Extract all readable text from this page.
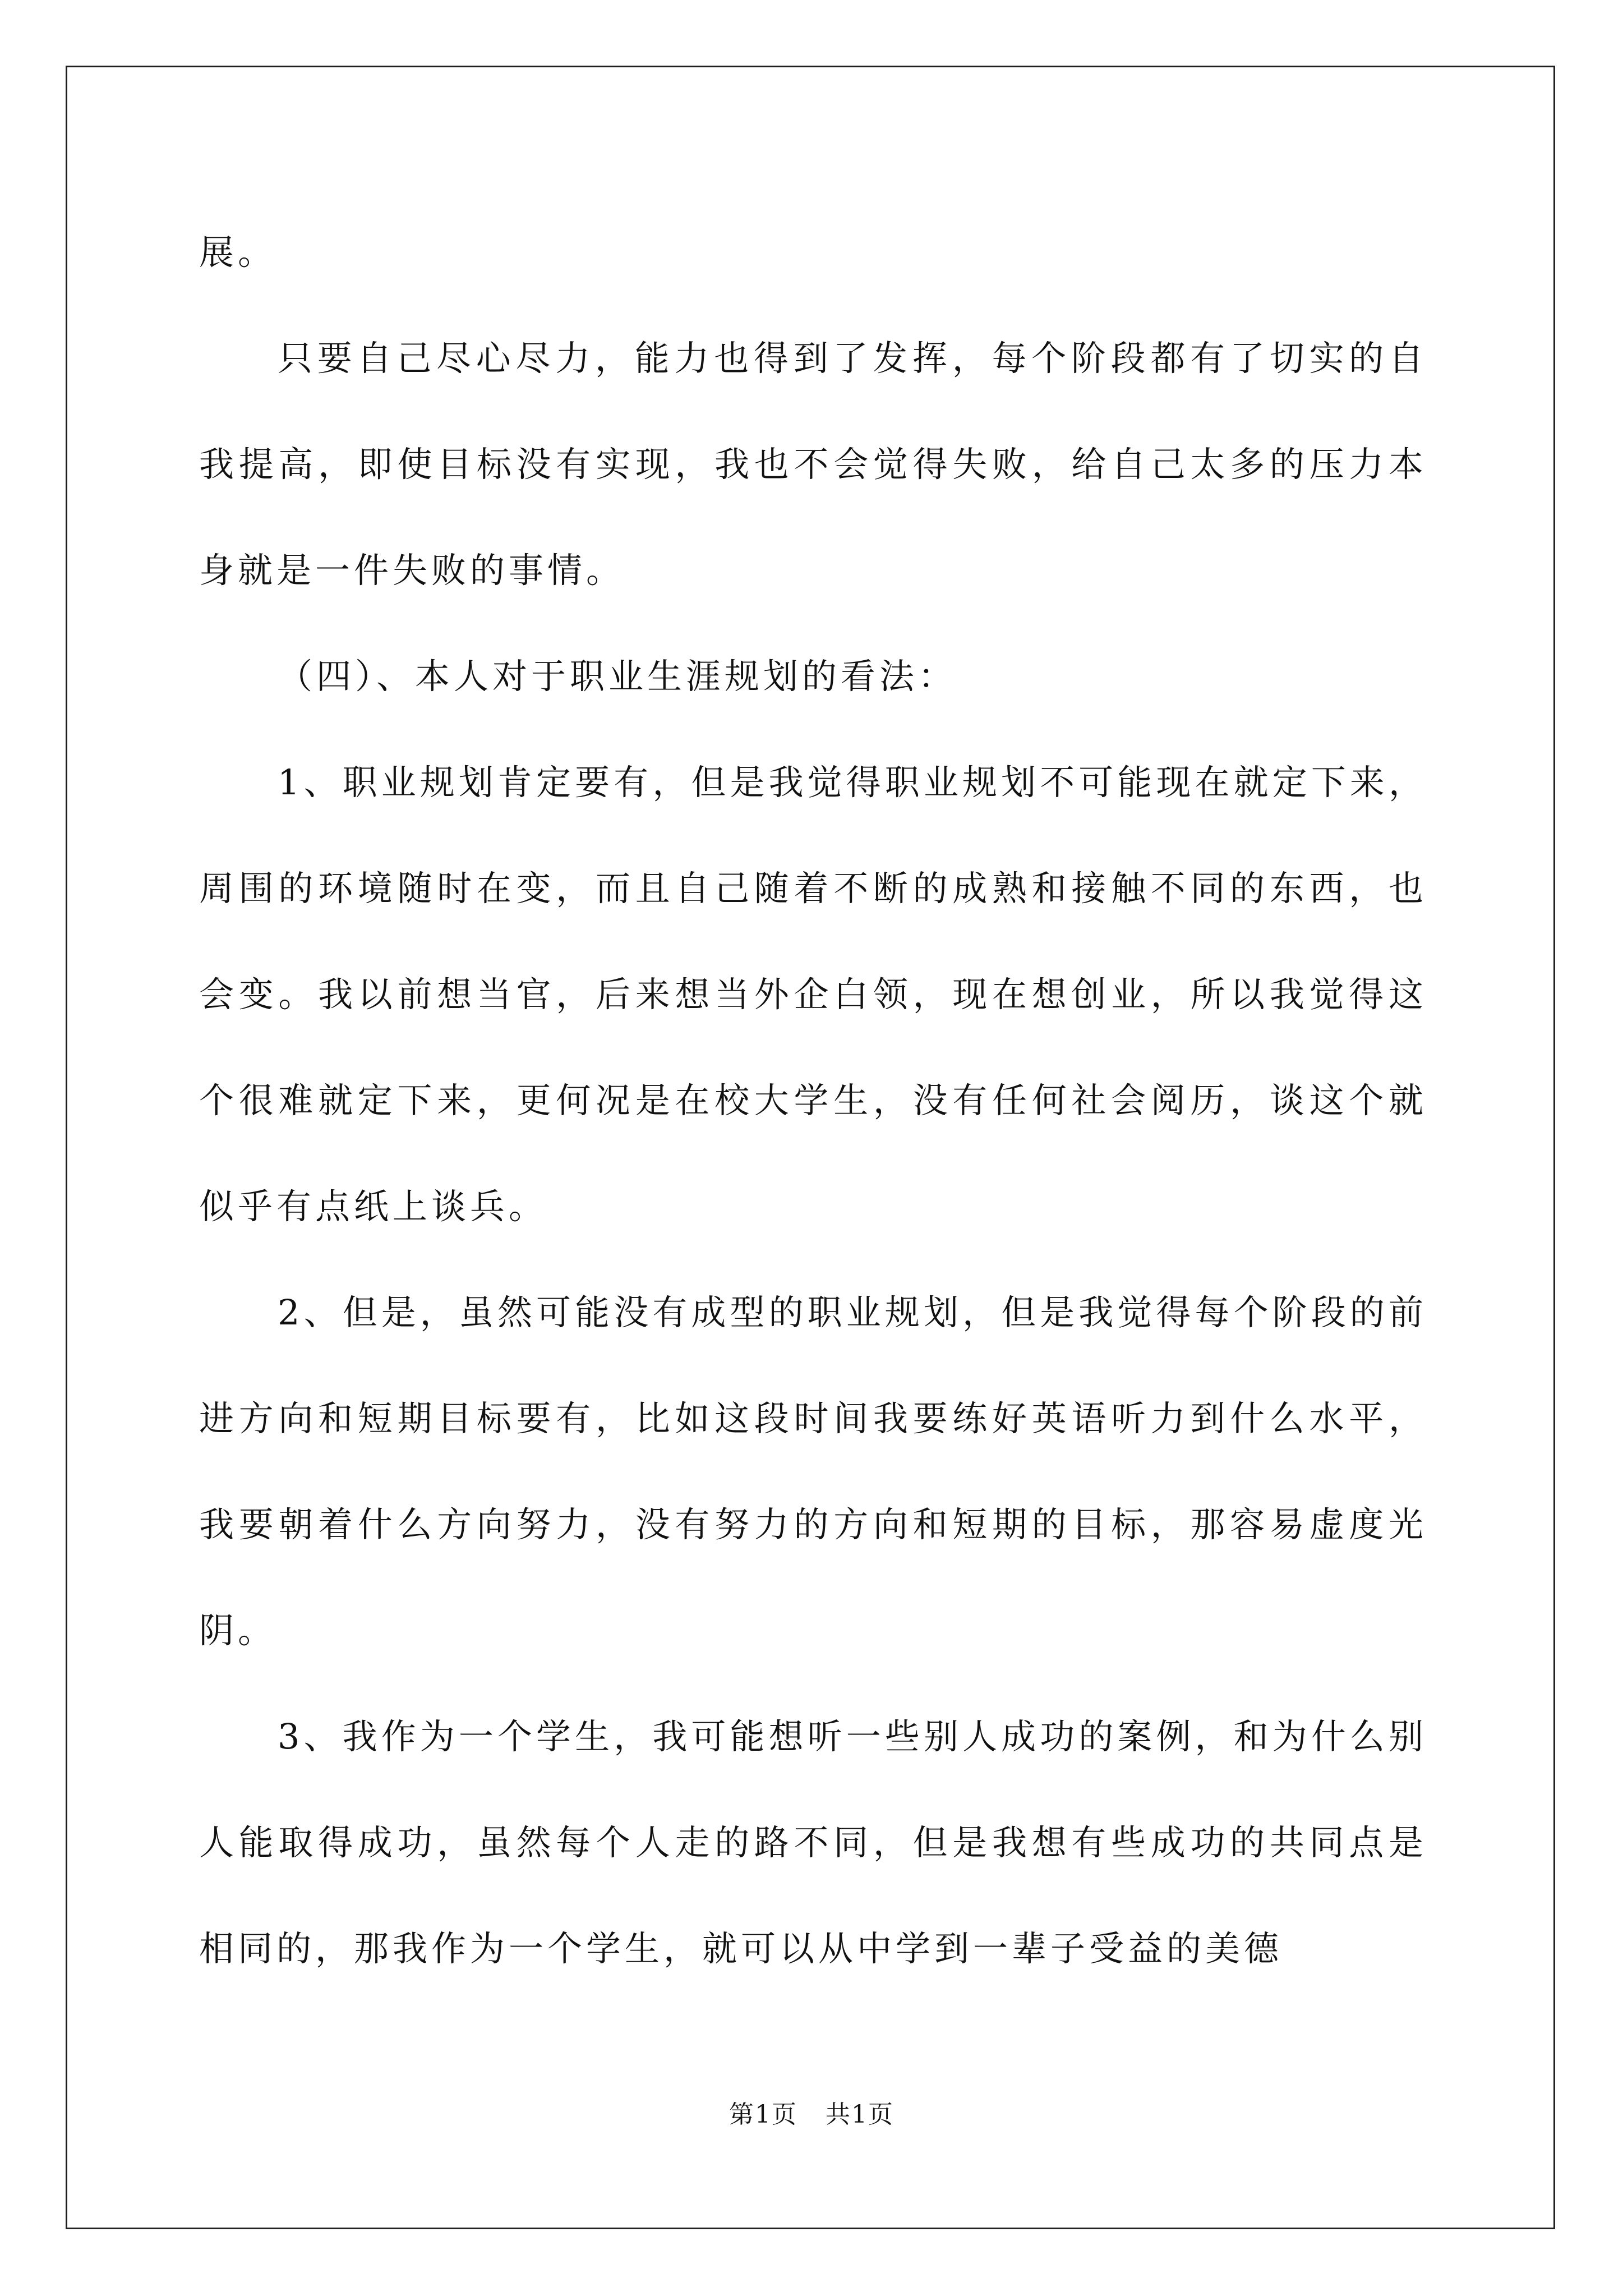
展。

只要自己尽心尽力，能力也得到了发挥，每个阶段都有了切实的自我提高，即使目标没有实现，我也不会觉得失败，给自己太多的压力本身就是一件失败的事情。

（四）、本人对于职业生涯规划的看法：

1、职业规划肯定要有，但是我觉得职业规划不可能现在就定下来，周围的环境随时在变，而且自己随着不断的成熟和接触不同的东西，也会变。我以前想当官，后来想当外企白领，现在想创业，所以我觉得这个很难就定下来，更何况是在校大学生，没有任何社会阅历，谈这个就似乎有点纸上谈兵。

2、但是，虽然可能没有成型的职业规划，但是我觉得每个阶段的前进方向和短期目标要有，比如这段时间我要练好英语听力到什么水平，我要朝着什么方向努力，没有努力的方向和短期的目标，那容易虚度光阴。

3、我作为一个学生，我可能想听一些别人成功的案例，和为什么别人能取得成功，虽然每个人走的路不同，但是我想有些成功的共同点是相同的，那我作为一个学生，就可以从中学到一辈子受益的美德

第1页 共1页
